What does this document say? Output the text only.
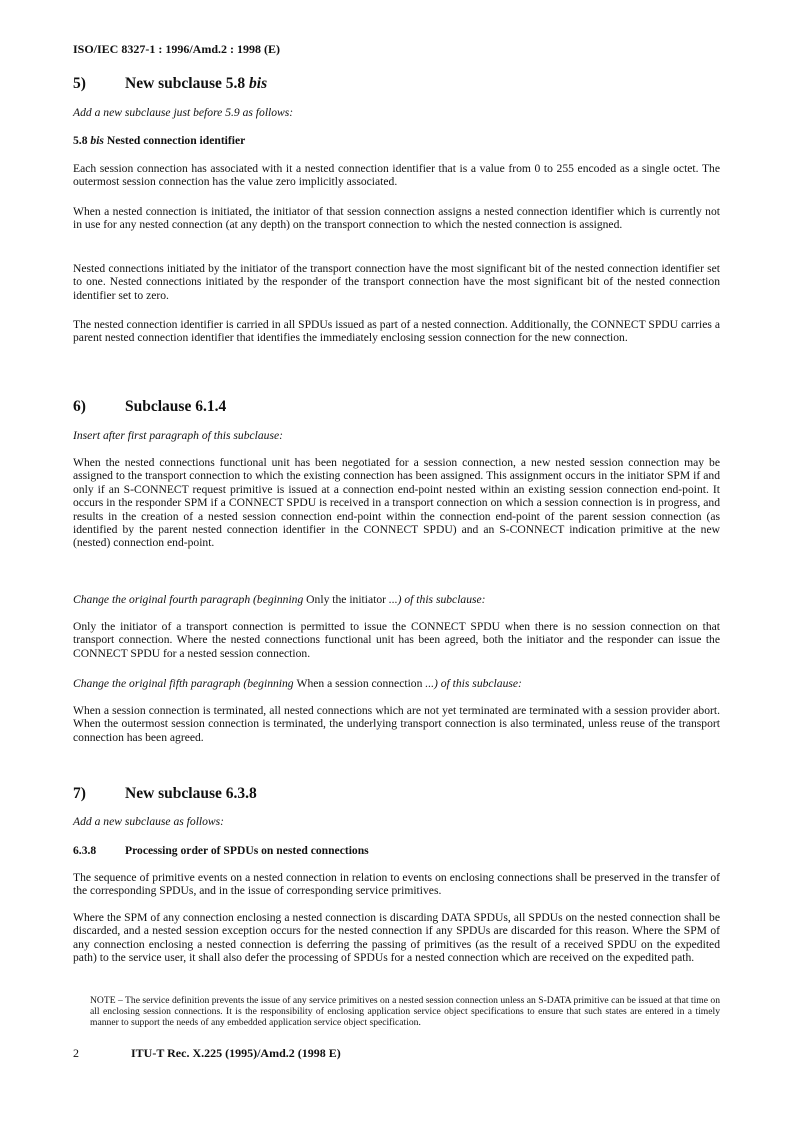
ISO/IEC 8327-1 : 1996/Amd.2 : 1998 (E)
5)	New subclause 5.8 bis
Add a new subclause just before 5.9 as follows:
5.8 bis Nested connection identifier
Each session connection has associated with it a nested connection identifier that is a value from 0 to 255 encoded as a single octet. The outermost session connection has the value zero implicitly associated.
When a nested connection is initiated, the initiator of that session connection assigns a nested connection identifier which is currently not in use for any nested connection (at any depth) on the transport connection to which the nested connection is assigned.
Nested connections initiated by the initiator of the transport connection have the most significant bit of the nested connection identifier set to one. Nested connections initiated by the responder of the transport connection have the most significant bit of the nested connection identifier set to zero.
The nested connection identifier is carried in all SPDUs issued as part of a nested connection. Additionally, the CONNECT SPDU carries a parent nested connection identifier that identifies the immediately enclosing session connection for the new connection.
6)	Subclause 6.1.4
Insert after first paragraph of this subclause:
When the nested connections functional unit has been negotiated for a session connection, a new nested session connection may be assigned to the transport connection to which the existing connection has been assigned. This assignment occurs in the initiator SPM if and only if an S-CONNECT request primitive is issued at a connection end-point nested within an existing session connection end-point. It occurs in the responder SPM if a CONNECT SPDU is received in a transport connection on which a session connection is in progress, and results in the creation of a nested session connection end-point within the connection end-point of the parent session connection (as identified by the parent nested connection identifier in the CONNECT SPDU) and an S-CONNECT indication primitive at the new (nested) connection end-point.
Change the original fourth paragraph (beginning Only the initiator ...) of this subclause:
Only the initiator of a transport connection is permitted to issue the CONNECT SPDU when there is no session connection on that transport connection. Where the nested connections functional unit has been agreed, both the initiator and the responder can issue the CONNECT SPDU for a nested session connection.
Change the original fifth paragraph (beginning When a session connection ...) of this subclause:
When a session connection is terminated, all nested connections which are not yet terminated are terminated with a session provider abort. When the outermost session connection is terminated, the underlying transport connection is also terminated, unless reuse of the transport connection has been agreed.
7)	New subclause 6.3.8
Add a new subclause as follows:
6.3.8 Processing order of SPDUs on nested connections
The sequence of primitive events on a nested connection in relation to events on enclosing connections shall be preserved in the transfer of the corresponding SPDUs, and in the issue of corresponding service primitives.
Where the SPM of any connection enclosing a nested connection is discarding DATA SPDUs, all SPDUs on the nested connection shall be discarded, and a nested session exception occurs for the nested connection if any SPDUs are discarded for this reason. Where the SPM of any connection enclosing a nested connection is deferring the passing of primitives (as the result of a received SPDU on the expedited path) to the service user, it shall also defer the processing of SPDUs for a nested connection which are received on the expedited path.
NOTE – The service definition prevents the issue of any service primitives on a nested session connection unless an S-DATA primitive can be issued at that time on all enclosing session connections. It is the responsibility of enclosing application service object specifications to ensure that such states are entered in a timely manner to support the needs of any embedded application service object specification.
2	ITU-T Rec. X.225 (1995)/Amd.2 (1998 E)
